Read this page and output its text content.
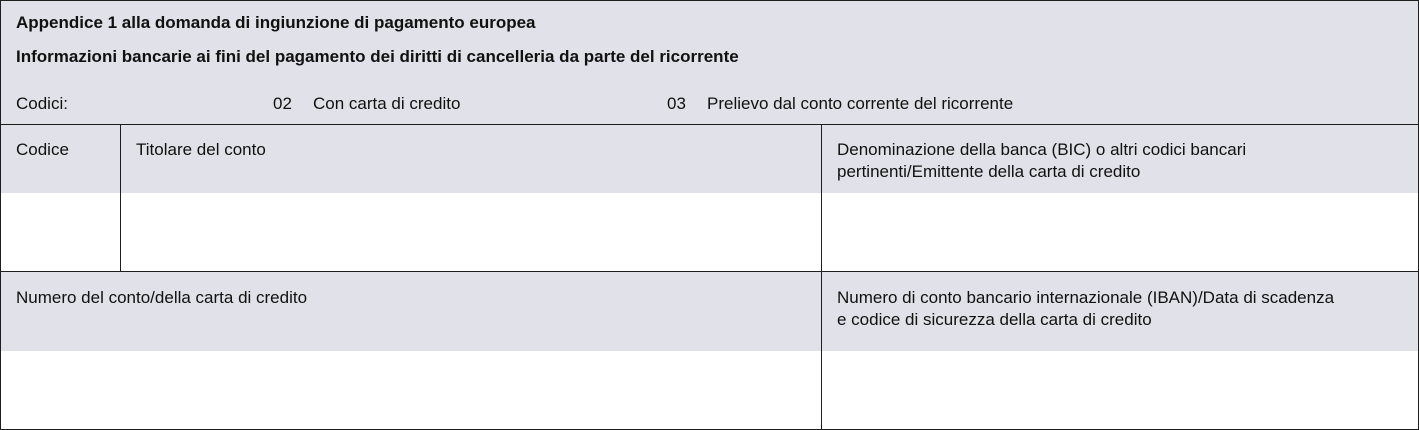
Appendice 1 alla domanda di ingiunzione di pagamento europea
Informazioni bancarie ai fini del pagamento dei diritti di cancelleria da parte del ricorrente
Codici:	02 Con carta di credito	03 Prelievo dal conto corrente del ricorrente
Codice	Titolare del conto	Denominazione della banca (BIC) o altri codici bancari pertinenti/Emittente della carta di credito
Numero del conto/della carta di credito	Numero di conto bancario internazionale (IBAN)/Data di scadenza e codice di sicurezza della carta di credito
